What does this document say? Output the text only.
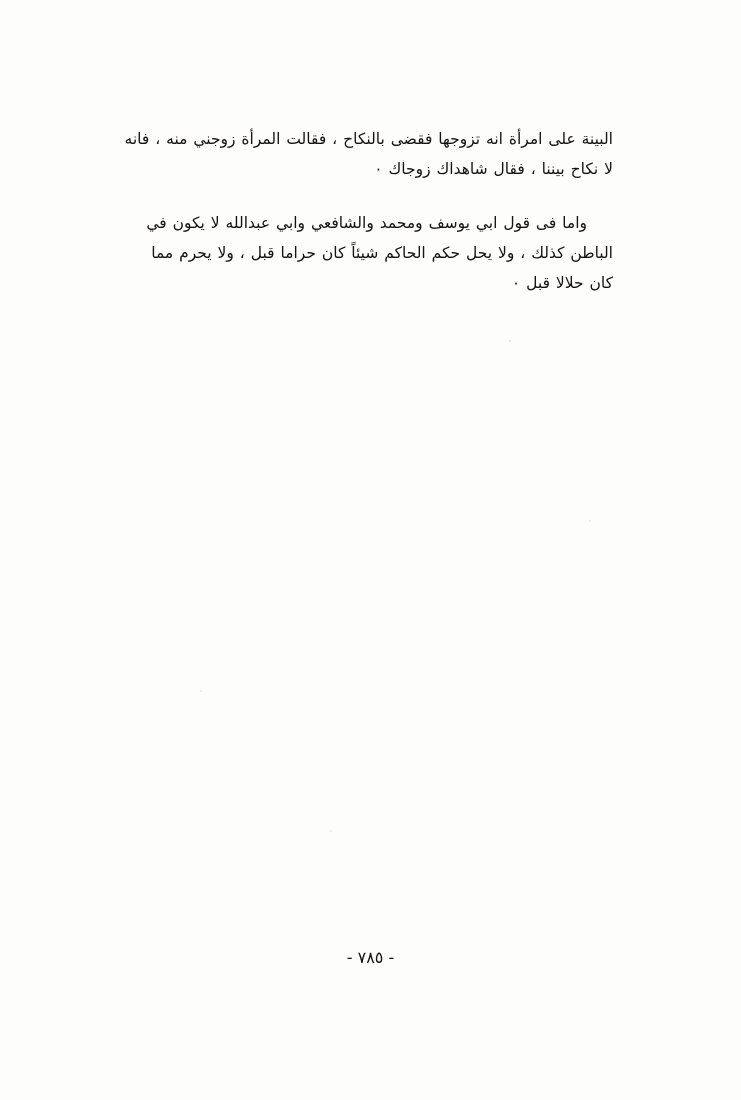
البينة على امرأة انه تزوجها فقضى بالنكاح ، فقالت المرأة زوجني منه ، فانه
لا نكاح بيننا ، فقال شاهداك زوجاك ٠
واما فى قول ابي يوسف ومحمد والشافعي وابي عبدالله لا يكون في
الباطن كذلك ، ولا يحل حكم الحاكم شيئاً كان حراما قبل ، ولا يحرم مما
كان حلالا قبل ٠
- ٧٨٥ -
